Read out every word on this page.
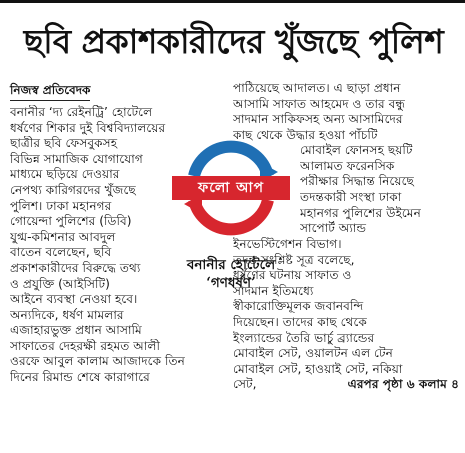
ছবি প্রকাশকারীদের খুঁজছে পুলিশ
নিজস্ব প্রতিবেদক

বনানীর ‘দ্য রেইনট্রি’ হোটেলে

ধর্ষণের শিকার দুই বিশ্ববিদ্যালয়ের

ছাত্রীর ছবি ফেসবুকসহ

বিভিন্ন সামাজিক যোগাযোগ

মাধ্যমে ছড়িয়ে দেওয়ার

নেপথ্য কারিগরদের খুঁজছে

পুলিশ। ঢাকা মহানগর

গোয়েন্দা পুলিশের (ডিবি)

যুগ্ম-কমিশনার আবদুল

বাতেন বলেছেন, ছবি

প্রকাশকারীদের বিরুদ্ধে তথ্য

ও প্রযুক্তি (আইসিটি)

আইনে ব্যবস্থা নেওয়া হবে।

অন্যদিকে, ধর্ষণ মামলার

এজাহারভুক্ত প্রধান আসামি

সাফাতের দেহরক্ষী রহমত আলী

ওরফে আবুল কালাম আজাদকে তিন

দিনের রিমান্ড শেষে কারাগারে

পাঠিয়েছে আদালত। এ ছাড়া প্রধান

আসামি সাফাত আহমেদ ও তার বন্ধু

সাদমান সাকিফসহ অন্য আসামিদের

কাছ থেকে উদ্ধার হওয়া পাঁচটি

মোবাইল ফোনসহ ছয়টি

আলামত ফরেনসিক

পরীক্ষার সিদ্ধান্ত নিয়েছে

তদন্তকারী সংস্থা ঢাকা

মহানগর পুলিশের উইমেন

সাপোর্ট অ্যান্ড

ইনভেস্টিগেশন বিভাগ।

তদন্ত সংশ্লিষ্ট সূত্র বলেছে,

ধর্ষণের ঘটনায় সাফাত ও

সাদমান ইতিমধ্যে

স্বীকারোক্তিমূলক জবানবন্দি

দিয়েছেন। তাদের কাছ থেকে

ইংল্যান্ডের তৈরি ভার্চু ব্র্যান্ডের

মোবাইল সেট, ওয়ালটন এল টেন

মোবাইল সেট, হাওয়াই সেট, নকিয়া

সেট,	এরপর পৃষ্ঠা ৬ কলাম ৪

ফলো আপ
বনানীর হোটেলে
‘গণধর্ষণ’
